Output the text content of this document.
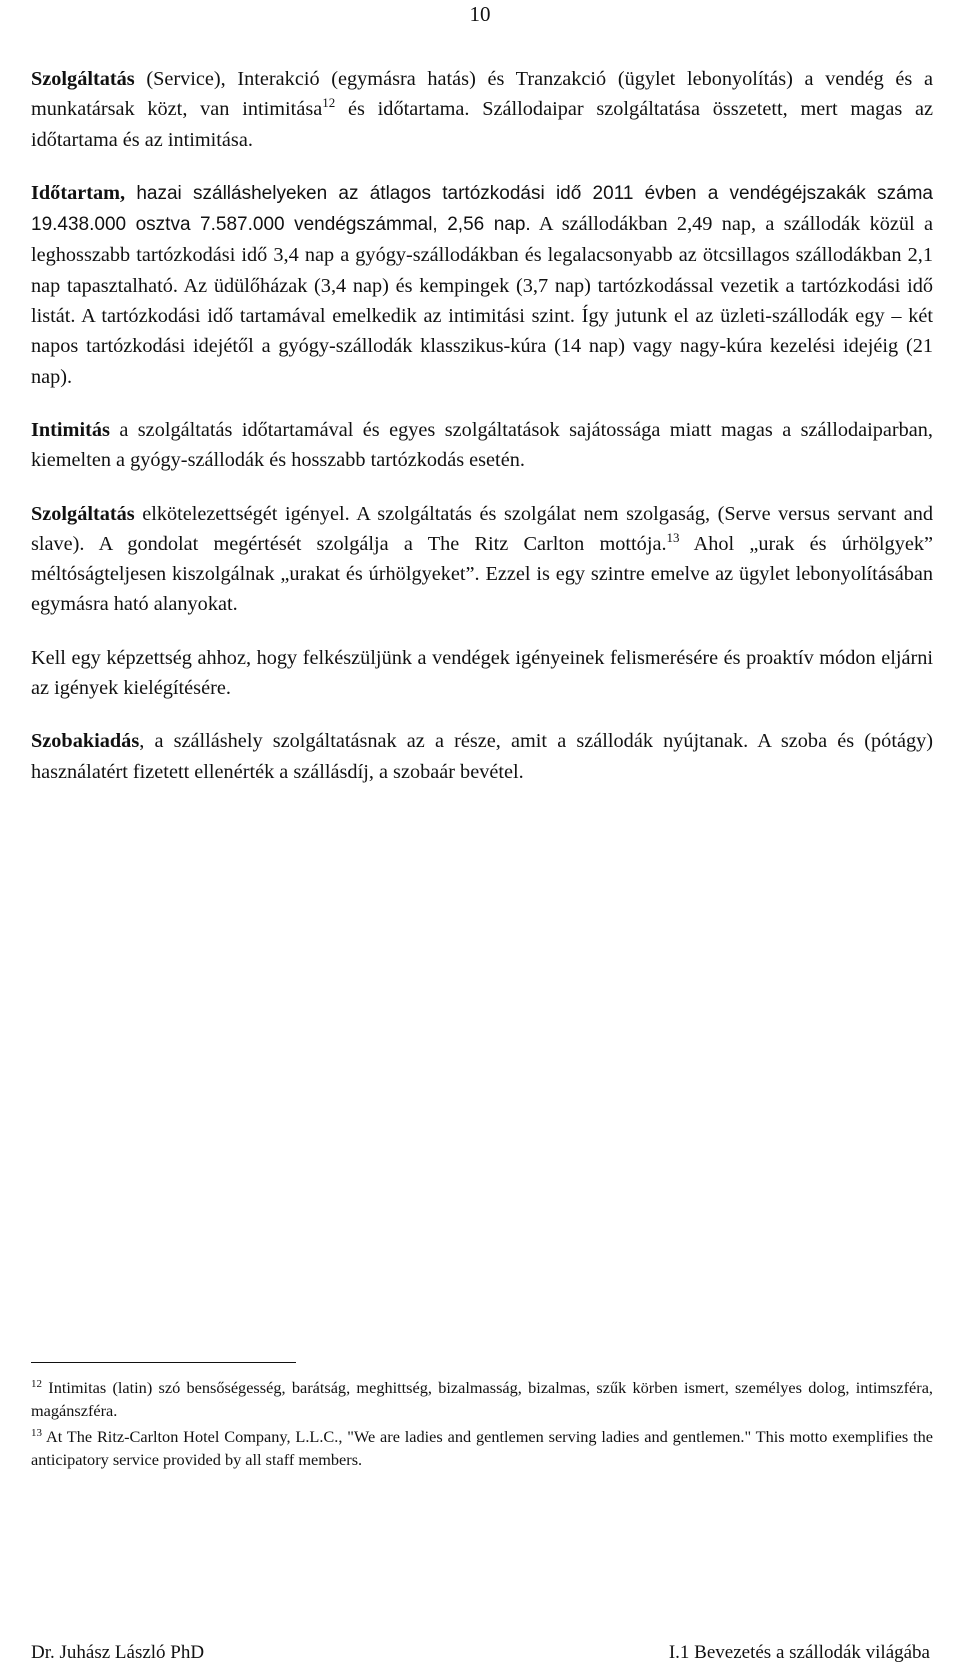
10

Szolgáltatás (Service), Interakció (egymásra hatás) és Tranzakció (ügylet lebonyolítás) a vendég és a munkatársak közt, van intimitása$^{12}$ és időtartama. Szállodaipar szolgáltatása összetett, mert magas az időtartama és az intimitása.

Időtartam, hazai szálláshelyeken az átlagos tartózkodási idő 2011 évben a vendégéjszakák száma 19.438.000 osztva 7.587.000 vendégszámmal, 2,56 nap. A szállodákban 2,49 nap, a szállodák közül a leghosszabb tartózkodási idő 3,4 nap a gyógy-szállodákban és legalacsonyabb az ötcsillagos szállodákban 2,1 nap tapasztalható. Az üdülőházak (3,4 nap) és kempingek (3,7 nap) tartózkodással vezetik a tartózkodási idő listát. A tartózkodási idő tartamával emelkedik az intimitási szint. Így jutunk el az üzleti-szállodák egy – két napos tartózkodási idejétől a gyógy-szállodák klasszikus-kúra (14 nap) vagy nagy-kúra kezelési idejéig (21 nap).

Intimitás a szolgáltatás időtartamával és egyes szolgáltatások sajátossága miatt magas a szállodaiparban, kiemelten a gyógy-szállodák és hosszabb tartózkodás esetén.

Szolgáltatás elkötelezettségét igényel. A szolgáltatás és szolgálat nem szolgaság, (Serve versus servant and slave). A gondolat megértését szolgálja a The Ritz Carlton mottója.$^{13}$ Ahol „urak és úrhölgyek” méltóságteljesen kiszolgálnak „urakat és úrhölgyeket”. Ezzel is egy szintre emelve az ügylet lebonyolításában egymásra ható alanyokat.

Kell egy képzettség ahhoz, hogy felkészüljünk a vendégek igényeinek felismerésére és proaktív módon eljárni az igények kielégítésére.

Szobakiadás, a szálláshely szolgáltatásnak az a része, amit a szállodák nyújtanak. A szoba és (pótágy) használatért fizetett ellenérték a szállásdíj, a szobaár bevétel.

$^{12}$ Intimitas (latin) szó bensőségesség, barátság, meghittség, bizalmasság, bizalmas, szűk körben ismert, személyes dolog, intimszféra, magánszféra.
$^{13}$ At The Ritz-Carlton Hotel Company, L.L.C., "We are ladies and gentlemen serving ladies and gentlemen." This motto exemplifies the anticipatory service provided by all staff members.
Dr. Juhász László PhD	I.1 Bevezetés a szállodák világába
